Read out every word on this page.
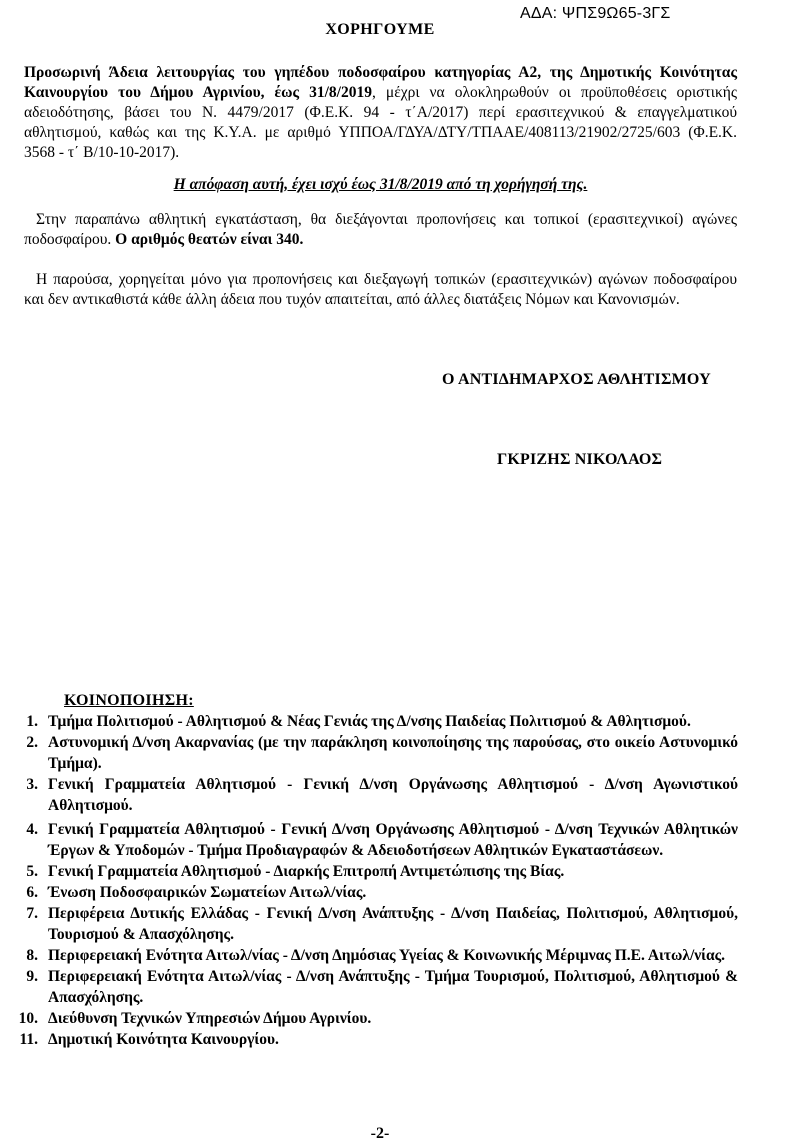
ΑΔΑ: ΨΠΣ9Ω65-3ΓΣ
ΧΟΡΗΓΟΥΜΕ
Προσωρινή Άδεια λειτουργίας του γηπέδου ποδοσφαίρου κατηγορίας Α2, της Δημοτικής Κοινότητας Καινουργίου του Δήμου Αγρινίου, έως 31/8/2019, μέχρι να ολοκληρωθούν οι προϋποθέσεις οριστικής αδειοδότησης, βάσει του Ν. 4479/2017 (Φ.Ε.Κ. 94 - τ΄Α/2017) περί ερασιτεχνικού & επαγγελματικού αθλητισμού, καθώς και της Κ.Υ.Α. με αριθμό ΥΠΠΟΑ/ΓΔΥΑ/ΔΤΥ/ΤΠΑΑΕ/408113/21902/2725/603 (Φ.Ε.Κ. 3568 - τ΄ Β/10-10-2017).
Η απόφαση αυτή, έχει ισχύ έως 31/8/2019 από τη χορήγησή της.
Στην παραπάνω αθλητική εγκατάσταση, θα διεξάγονται προπονήσεις και τοπικοί (ερασιτεχνικοί) αγώνες ποδοσφαίρου. Ο αριθμός θεατών είναι 340.
Η παρούσα, χορηγείται μόνο για προπονήσεις και διεξαγωγή τοπικών (ερασιτεχνικών) αγώνων ποδοσφαίρου και δεν αντικαθιστά κάθε άλλη άδεια που τυχόν απαιτείται, από άλλες διατάξεις Νόμων και Κανονισμών.
Ο ΑΝΤΙΔΗΜΑΡΧΟΣ ΑΘΛΗΤΙΣΜΟΥ
ΓΚΡΙΖΗΣ ΝΙΚΟΛΑΟΣ
ΚΟΙΝΟΠΟΙΗΣΗ:
1. Τμήμα Πολιτισμού - Αθλητισμού & Νέας Γενιάς της Δ/νσης Παιδείας Πολιτισμού & Αθλητισμού.
2. Αστυνομική Δ/νση Ακαρνανίας (με την παράκληση κοινοποίησης της παρούσας, στο οικείο Αστυνομικό Τμήμα).
3. Γενική Γραμματεία Αθλητισμού - Γενική Δ/νση Οργάνωσης Αθλητισμού - Δ/νση Αγωνιστικού Αθλητισμού.
4. Γενική Γραμματεία Αθλητισμού - Γενική Δ/νση Οργάνωσης Αθλητισμού - Δ/νση Τεχνικών Αθλητικών Έργων & Υποδομών - Τμήμα Προδιαγραφών & Αδειοδοτήσεων Αθλητικών Εγκαταστάσεων.
5. Γενική Γραμματεία Αθλητισμού - Διαρκής Επιτροπή Αντιμετώπισης της Βίας.
6. Ένωση Ποδοσφαιρικών Σωματείων Αιτωλ/νίας.
7. Περιφέρεια Δυτικής Ελλάδας - Γενική Δ/νση Ανάπτυξης - Δ/νση Παιδείας, Πολιτισμού, Αθλητισμού, Τουρισμού & Απασχόλησης.
8. Περιφερειακή Ενότητα Αιτωλ/νίας - Δ/νση Δημόσιας Υγείας & Κοινωνικής Μέριμνας Π.Ε. Αιτωλ/νίας.
9. Περιφερειακή Ενότητα Αιτωλ/νίας - Δ/νση Ανάπτυξης - Τμήμα Τουρισμού, Πολιτισμού, Αθλητισμού & Απασχόλησης.
10. Διεύθυνση Τεχνικών Υπηρεσιών Δήμου Αγρινίου.
11. Δημοτική Κοινότητα Καινουργίου.
-2-
